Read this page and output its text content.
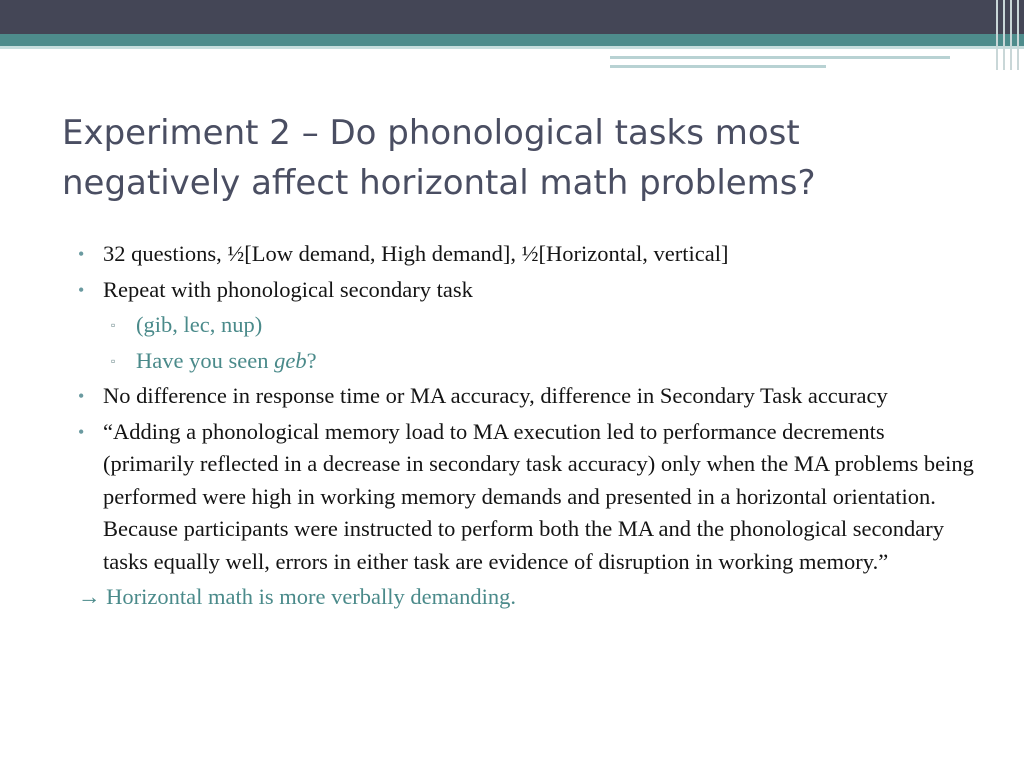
Experiment 2 – Do phonological tasks most negatively affect horizontal math problems?
• 32 questions, ½[Low demand, High demand], ½[Horizontal, vertical]
• Repeat with phonological secondary task
▫ (gib, lec, nup)
▫ Have you seen geb?
• No difference in response time or MA accuracy, difference in Secondary Task accuracy
• “Adding a phonological memory load to MA execution led to performance decrements (primarily reflected in a decrease in secondary task accuracy) only when the MA problems being performed were high in working memory demands and presented in a horizontal orientation. Because participants were instructed to perform both the MA and the phonological secondary tasks equally well, errors in either task are evidence of disruption in working memory.”
→ Horizontal math is more verbally demanding.
